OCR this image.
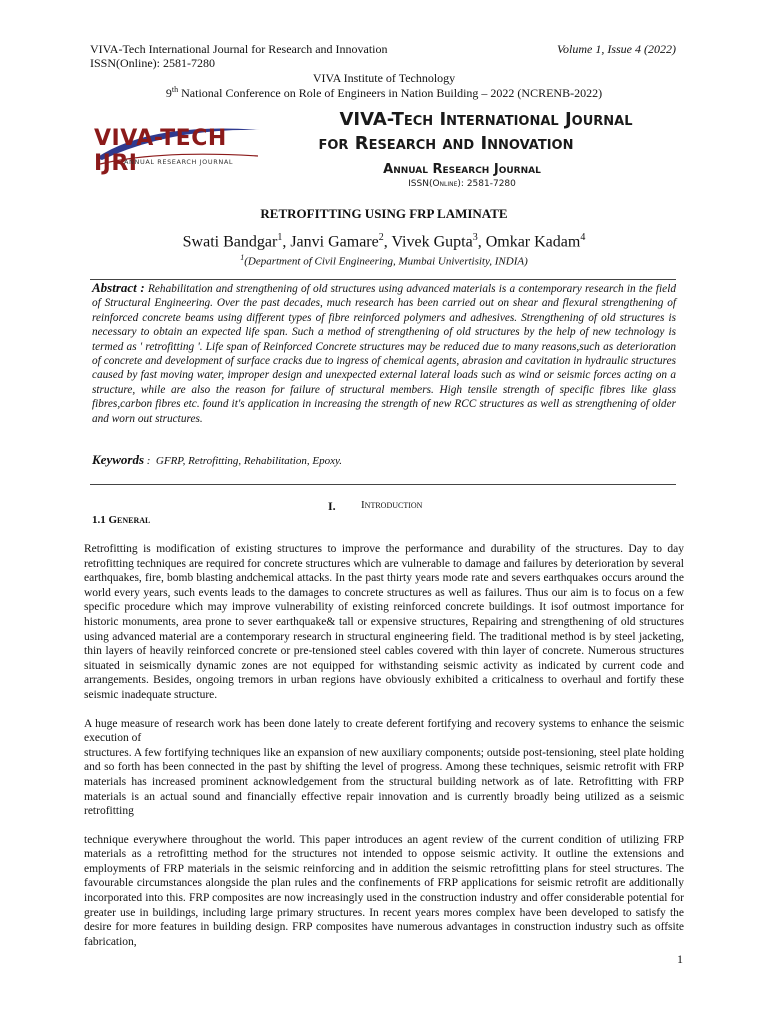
VIVA-Tech International Journal for Research and Innovation
ISSN(Online): 2581-7280
Volume 1, Issue 4 (2022)
VIVA Institute of Technology
9th National Conference on Role of Engineers in Nation Building – 2022 (NCRENB-2022)
VIVA-TECH IJRI
ANNUAL RESEARCH JOURNAL
VIVA-Tech International Journal
for Research and Innovation
Annual Research Journal
ISSN(Online): 2581-7280
RETROFITTING USING FRP LAMINATE
Swati Bandgar$^1$, Janvi Gamare$^2$, Vivek Gupta$^3$, Omkar Kadam$^4$
$^1$(Department of Civil Engineering, Mumbai Univertisity, INDIA)
Abstract : Rehabilitation and strengthening of old structures using advanced materials is a contemporary research in the field of Structural Engineering. Over the past decades, much research has been carried out on shear and flexural strengthening of reinforced concrete beams using different types of fibre reinforced polymers and adhesives. Strengthening of old structures is necessary to obtain an expected life span. Such a method of strengthening of old structures by the help of new technology is termed as ' retrofitting '. Life span of Reinforced Concrete structures may be reduced due to many reasons,such as deterioration of concrete and development of surface cracks due to ingress of chemical agents, abrasion and cavitation in hydraulic structures caused by fast moving water, improper design and unexpected external lateral loads such as wind or seismic forces acting on a structure, while are also the reason for failure of structural members. High tensile strength of specific fibres like glass fibres,carbon fibres etc. found it's application in increasing the strength of new RCC structures as well as strengthening of older and worn out structures.
Keywords : GFRP, Retrofitting, Rehabilitation, Epoxy.
I. Introduction
1.1 General

Retrofitting is modification of existing structures to improve the performance and durability of the structures. Day to day retrofitting techniques are required for concrete structures which are vulnerable to damage and failures by deterioration by several earthquakes, fire, bomb blasting andchemical attacks. In the past thirty years mode rate and severs earthquakes occurs around the world every years, such events leads to the damages to concrete structures as well as failures. Thus our aim is to focus on a few specific procedure which may improve vulnerability of existing reinforced concrete buildings. It isof outmost importance for historic monuments, area prone to sever earthquake& tall or expensive structures, Repairing and strengthening of old structures using advanced material are a contemporary research in structural engineering field. The traditional method is by steel jacketing, thin layers of heavily reinforced concrete or pre-tensioned steel cables covered with thin layer of concrete. Numerous structures situated in seismically dynamic zones are not equipped for withstanding seismic activity as indicated by current code and arrangements. Besides, ongoing tremors in urban regions have obviously exhibited a criticalness to overhaul and fortify these seismic inadequate structure.

A huge measure of research work has been done lately to create deferent fortifying and recovery systems to enhance the seismic execution of

structures. A few fortifying techniques like an expansion of new auxiliary components; outside post-tensioning, steel plate holding and so forth has been connected in the past by shifting the level of progress. Among these techniques, seismic retrofit with FRP materials has increased prominent acknowledgement from the structural building network as of late. Retrofitting with FRP materials is an actual sound and financially effective repair innovation and is currently broadly being utilized as a seismic retrofitting

technique everywhere throughout the world. This paper introduces an agent review of the current condition of utilizing FRP materials as a retrofitting method for the structures not intended to oppose seismic activity. It outline the extensions and employments of FRP materials in the seismic reinforcing and in addition the seismic retrofitting plans for steel structures. The favourable circumstances alongside the plan rules and the confinements of FRP applications for seismic retrofit are additionally incorporated into this. FRP composites are now increasingly used in the construction industry and offer considerable potential for greater use in buildings, including large primary structures. In recent years mores complex have been developed to satisfy the desire for more features in building design. FRP composites have numerous advantages in construction industry such as offsite fabrication,

1
